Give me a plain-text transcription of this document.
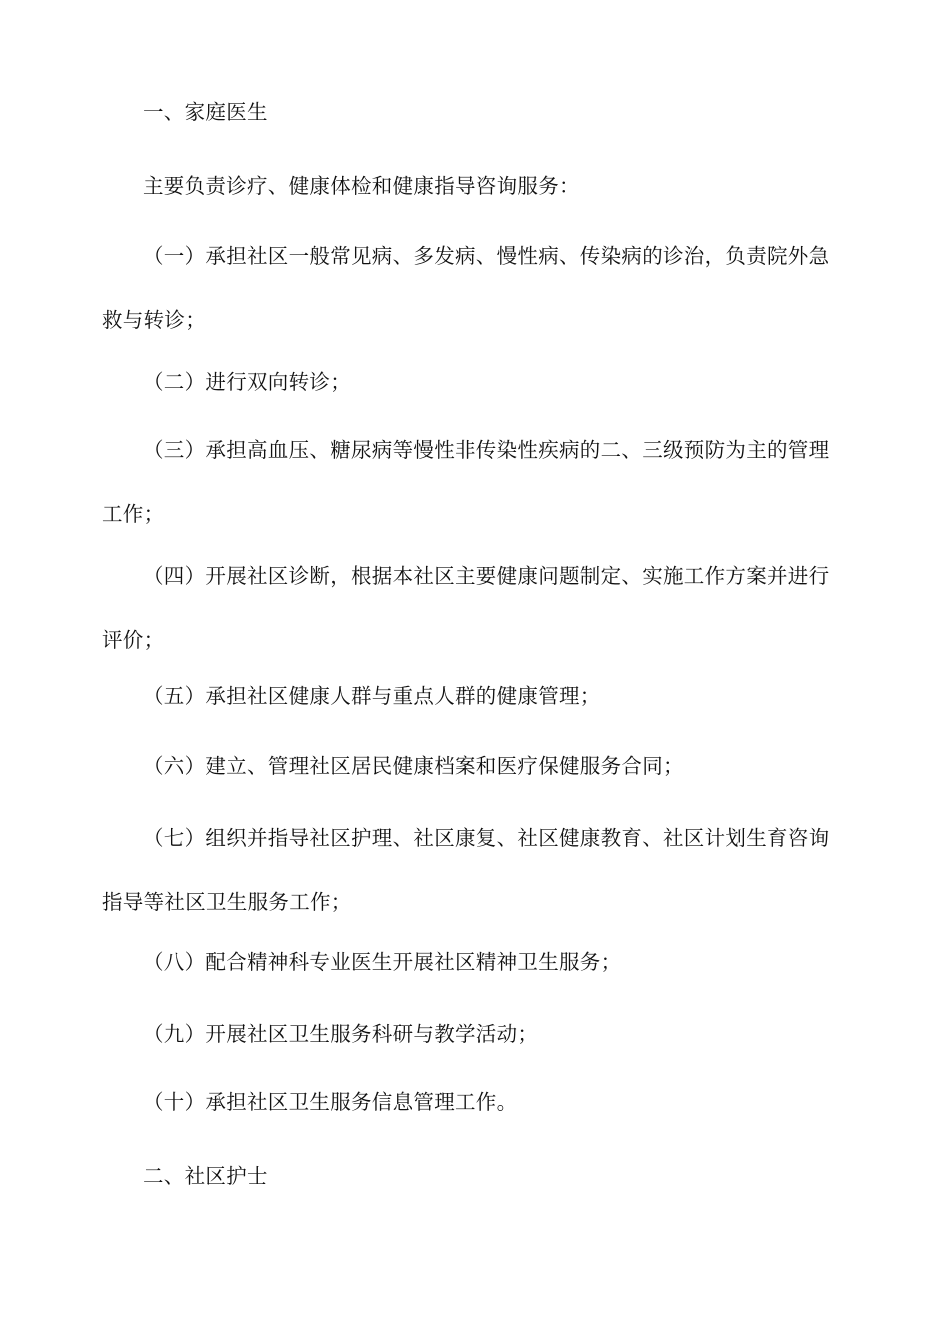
一、家庭医生

主要负责诊疗、健康体检和健康指导咨询服务：

（一）承担社区一般常见病、多发病、慢性病、传染病的诊治，负责院外急救与转诊；

（二）进行双向转诊；

（三）承担高血压、糖尿病等慢性非传染性疾病的二、三级预防为主的管理工作；

（四）开展社区诊断，根据本社区主要健康问题制定、实施工作方案并进行评价；

（五）承担社区健康人群与重点人群的健康管理；

（六）建立、管理社区居民健康档案和医疗保健服务合同；

（七）组织并指导社区护理、社区康复、社区健康教育、社区计划生育咨询指导等社区卫生服务工作；

（八）配合精神科专业医生开展社区精神卫生服务；

（九）开展社区卫生服务科研与教学活动；

（十）承担社区卫生服务信息管理工作。

二、社区护士
